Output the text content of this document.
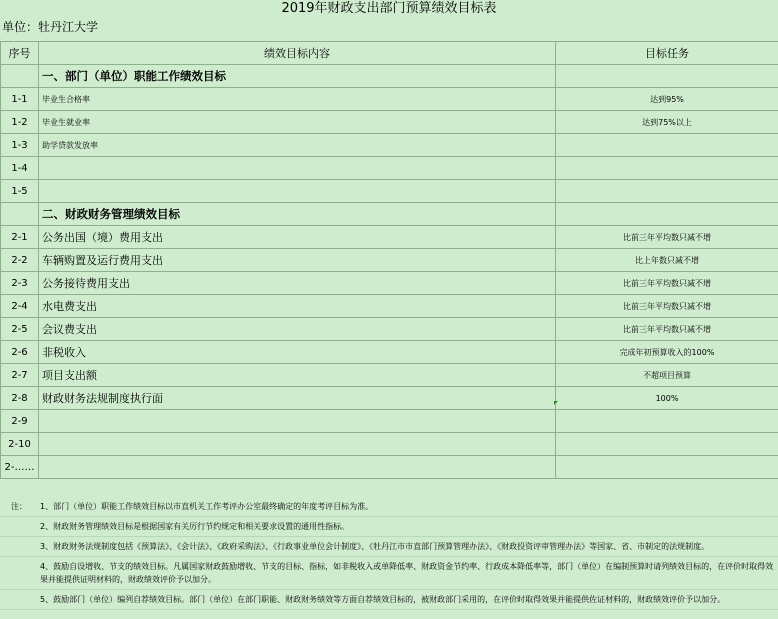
2019年财政支出部门预算绩效目标表
单位：牡丹江大学
序号	绩效目标内容	目标任务
	一、部门（单位）职能工作绩效目标	
1-1	毕业生合格率	达到95%
1-2	毕业生就业率	达到75%以上
1-3	助学贷款发放率	
1-4		
1-5		
	二、财政财务管理绩效目标	
2-1	公务出国（境）费用支出	比前三年平均数只减不增
2-2	车辆购置及运行费用支出	比上年数只减不增
2-3	公务接待费用支出	比前三年平均数只减不增
2-4	水电费支出	比前三年平均数只减不增
2-5	会议费支出	比前三年平均数只减不增
2-6	非税收入	完成年初预算收入的100%
2-7	项目支出额	不超项目预算
2-8	财政财务法规制度执行面	100%
2-9		
2-10		
2-……		
注：	1、部门（单位）职能工作绩效目标以市直机关工作考评办公室最终确定的年度考评目标为准。
2、财政财务管理绩效目标是根据国家有关厉行节约规定和相关要求设置的通用性指标。
3、财政财务法规制度包括《预算法》、《会计法》、《政府采购法》、《行政事业单位会计制度》、《牡丹江市市直部门预算管理办法》、《财政投资评审管理办法》等国家、省、市制定的法规制度。
4、鼓励自设增收、节支的绩效目标。凡属国家财政鼓励增收、节支的目标、指标，如非税收入或单降低率、财政资金节约率、行政成本降低率等，部门（单位）在编制预算时请列绩效目标的，在评价时取得效果并能提供证明材料的，财政绩效评价予以加分。
5、鼓励部门（单位）编列自荐绩效目标。部门（单位）在部门职能、财政财务绩效等方面自荐绩效目标的，被财政部门采用的，在评价时取得效果并能提供佐证材料的，财政绩效评价予以加分。
